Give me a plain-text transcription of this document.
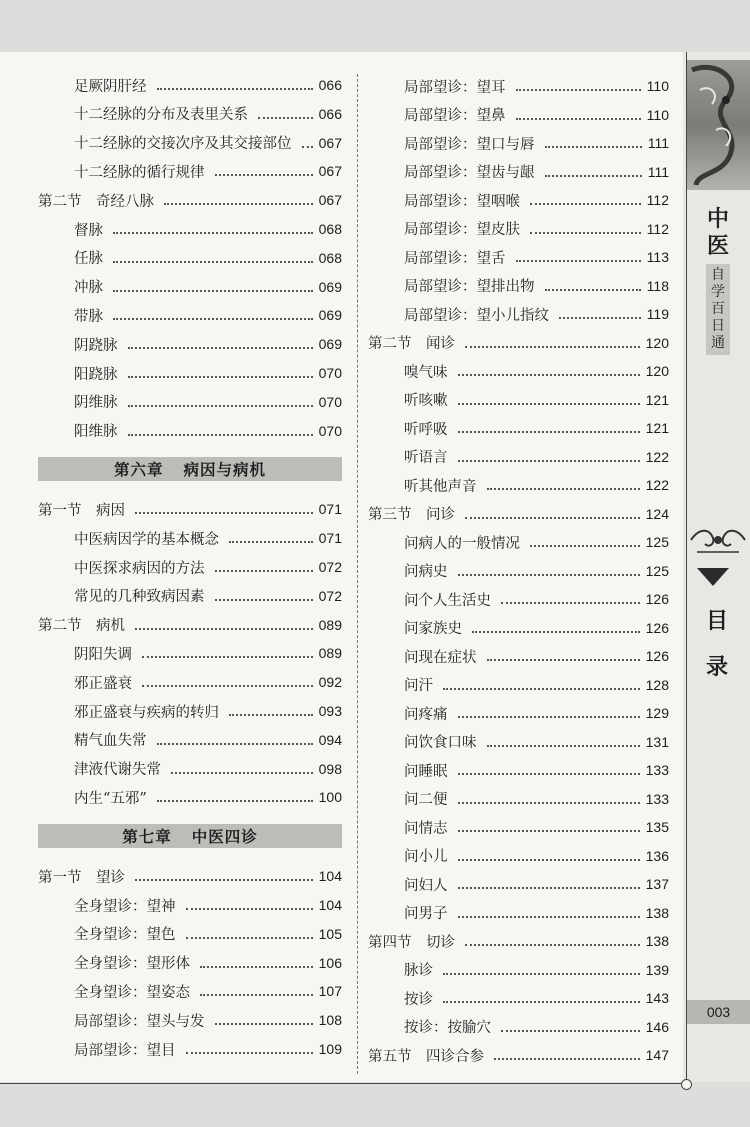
足厥阴肝经	066
十二经脉的分布及表里关系	066
十二经脉的交接次序及其交接部位 067
十二经脉的循行规律	067
第二节　奇经八脉	067
督脉	068
任脉	068
冲脉	069
带脉	069
阴跷脉	069
阳跷脉	070
阴维脉	070
阳维脉	070
第六章 病因与病机
第一节　病因	071
中医病因学的基本概念	071
中医探求病因的方法	072
常见的几种致病因素	072
第二节　病机	089
阴阳失调	089
邪正盛衰	092
邪正盛衰与疾病的转归	093
精气血失常	094
津液代谢失常	098
内生“五邪”	100
第七章 中医四诊
第一节　望诊	104
全身望诊：望神	104
全身望诊：望色	105
全身望诊：望形体	106
全身望诊：望姿态	107
局部望诊：望头与发	108
局部望诊：望目	109
局部望诊：望耳	110
局部望诊：望鼻	110
局部望诊：望口与唇	111
局部望诊：望齿与龈	111
局部望诊：望咽喉	112
局部望诊：望皮肤	112
局部望诊：望舌	113
局部望诊：望排出物	118
局部望诊：望小儿指纹	119
第二节　闻诊	120
嗅气味	120
听咳嗽	121
听呼吸	121
听语言	122
听其他声音	122
第三节　问诊	124
问病人的一般情况	125
问病史	125
问个人生活史	126
问家族史	126
问现在症状	126
问汗	128
问疼痛	129
问饮食口味	131
问睡眠	133
问二便	133
问情志	135
问小儿	136
问妇人	137
问男子	138
第四节　切诊	138
脉诊	139
按诊	143
按诊：按腧穴	146
第五节　四诊合参	147
中
医
自
学
百
日
通
目
录
003
